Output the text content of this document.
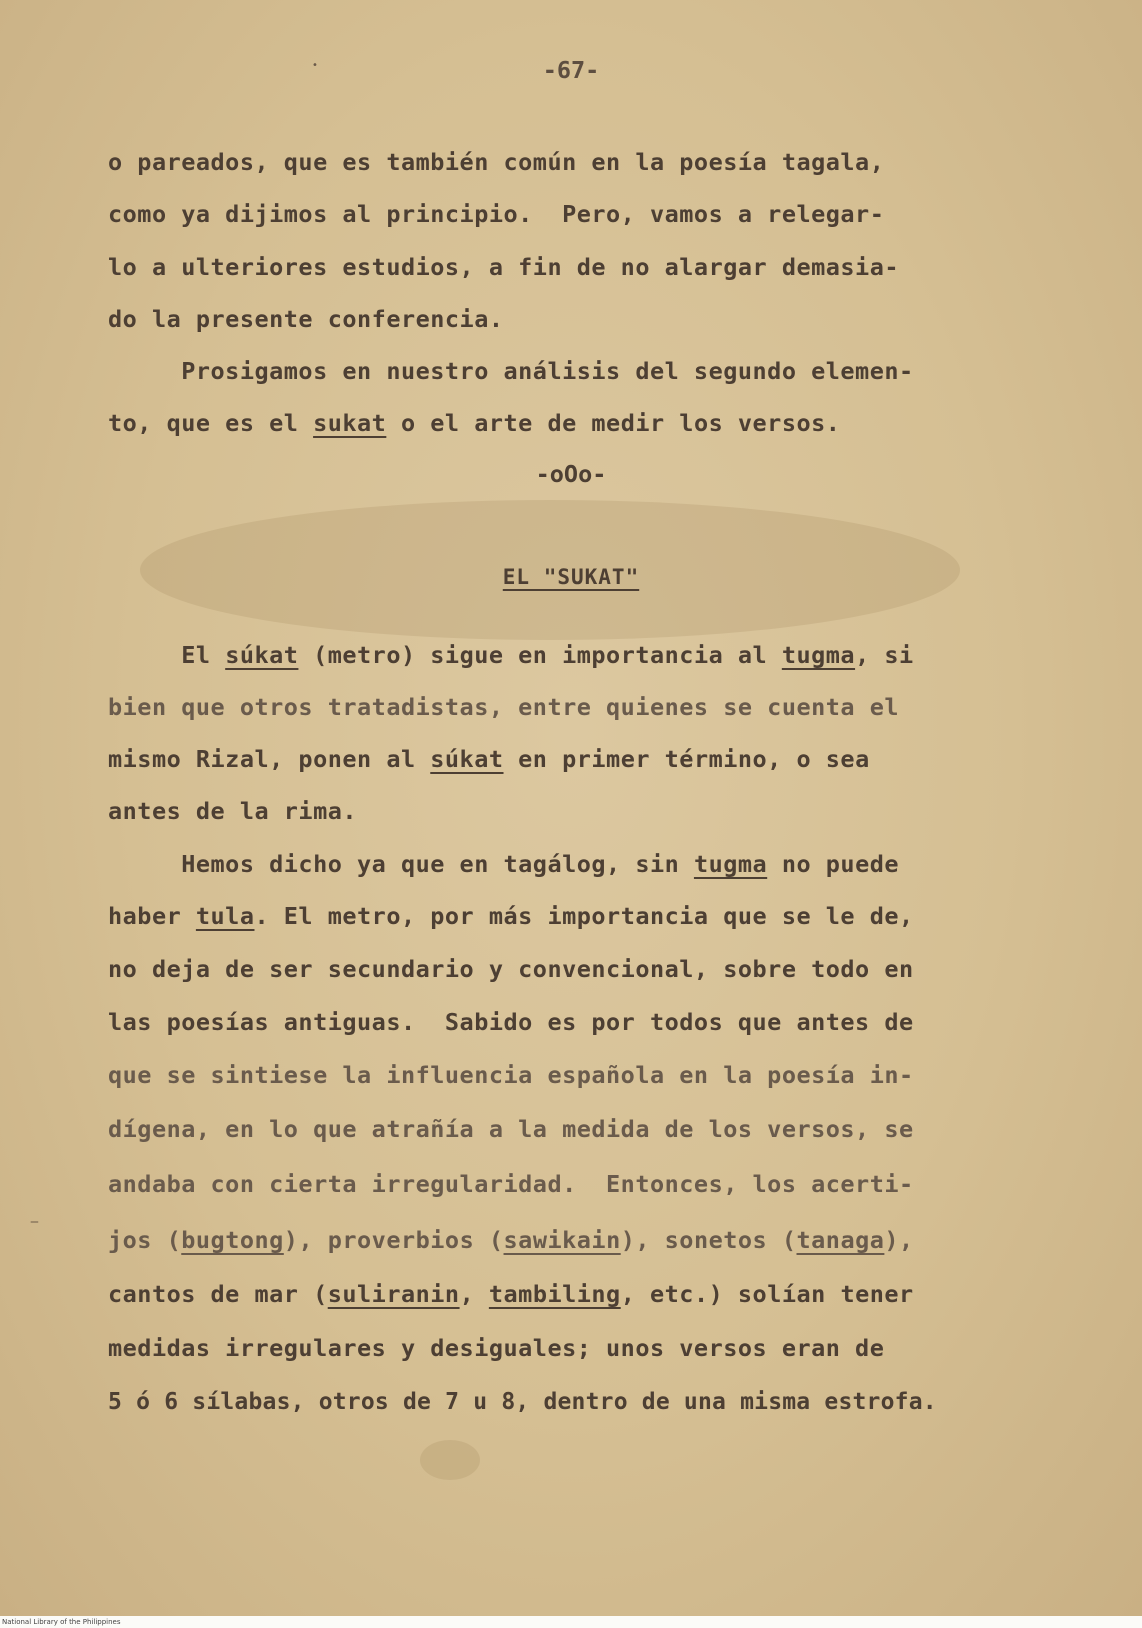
•
‒
-67-
o pareados, que es también común en la poesía tagala,
como ya dijimos al principio.  Pero, vamos a relegar-
lo a ulteriores estudios, a fin de no alargar demasia-
do la presente conferencia.
Prosigamos en nuestro análisis del segundo elemen-
to, que es el sukat o el arte de medir los versos.
-oOo-
EL "SUKAT"
El súkat (metro) sigue en importancia al tugma, si
bien que otros tratadistas, entre quienes se cuenta el
mismo Rizal, ponen al súkat en primer término, o sea
antes de la rima.
Hemos dicho ya que en tagálog, sin tugma no puede
haber tula. El metro, por más importancia que se le de,
no deja de ser secundario y convencional, sobre todo en
las poesías antiguas.  Sabido es por todos que antes de
que se sintiese la influencia española en la poesía in-
dígena, en lo que atrañía a la medida de los versos, se
andaba con cierta irregularidad.  Entonces, los acerti-
jos (bugtong), proverbios (sawikain), sonetos (tanaga),
cantos de mar (suliranin, tambiling, etc.) solían tener
medidas irregulares y desiguales; unos versos eran de
5 ó 6 sílabas, otros de 7 u 8, dentro de una misma estrofa.
National Library of the Philippines
